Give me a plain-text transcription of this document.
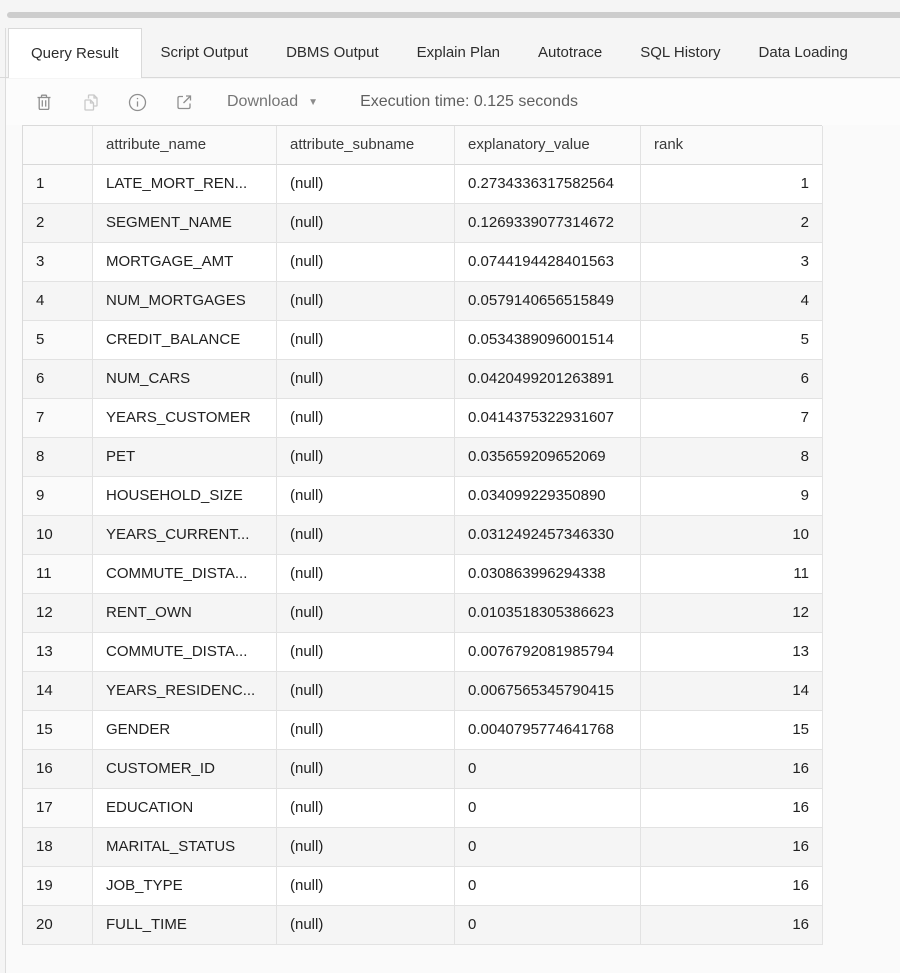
Query Result	Script Output	DBMS Output	Explain Plan	Autotrace	SQL History	Data Loading
Download ▼	Execution time: 0.125 seconds
attribute_name	attribute_subname	explanatory_value	rank
1	LATE_MORT_REN...	(null)	0.2734336317582564	1
2	SEGMENT_NAME	(null)	0.1269339077314672	2
3	MORTGAGE_AMT	(null)	0.0744194428401563	3
4	NUM_MORTGAGES	(null)	0.0579140656515849	4
5	CREDIT_BALANCE	(null)	0.0534389096001514	5
6	NUM_CARS	(null)	0.0420499201263891	6
7	YEARS_CUSTOMER	(null)	0.0414375322931607	7
8	PET	(null)	0.035659209652069	8
9	HOUSEHOLD_SIZE	(null)	0.034099229350890	9
10	YEARS_CURRENT...	(null)	0.0312492457346330	10
11	COMMUTE_DISTA...	(null)	0.030863996294338	11
12	RENT_OWN	(null)	0.0103518305386623	12
13	COMMUTE_DISTA...	(null)	0.0076792081985794	13
14	YEARS_RESIDENC...	(null)	0.0067565345790415	14
15	GENDER	(null)	0.0040795774641768	15
16	CUSTOMER_ID	(null)	0	16
17	EDUCATION	(null)	0	16
18	MARITAL_STATUS	(null)	0	16
19	JOB_TYPE	(null)	0	16
20	FULL_TIME	(null)	0	16
